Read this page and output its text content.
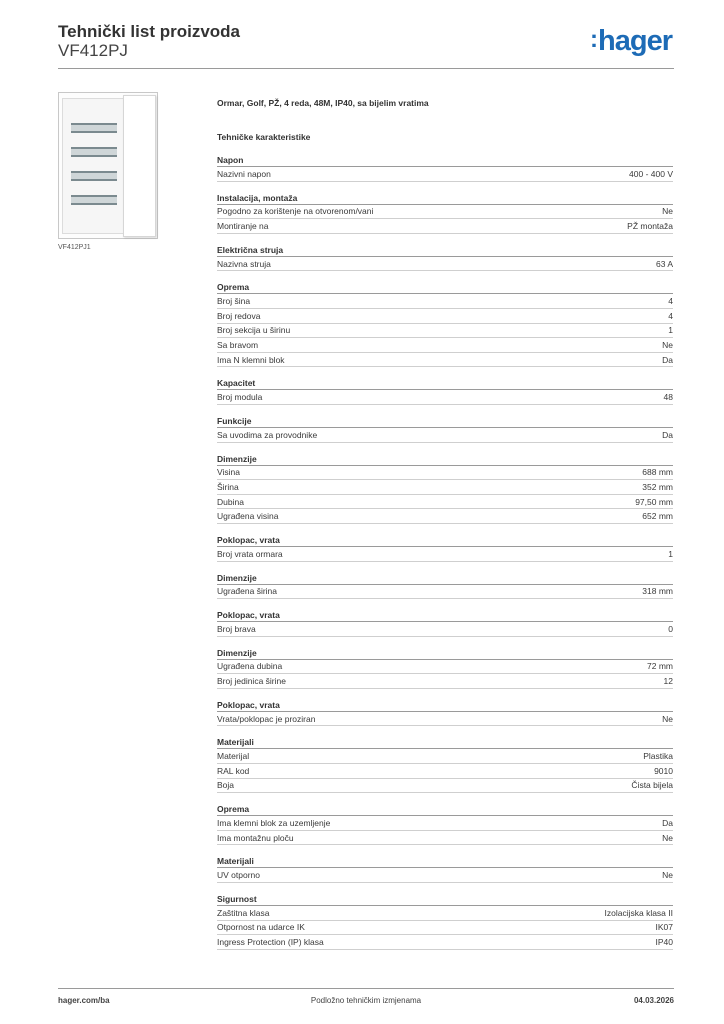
Tehnički list proizvoda
VF412PJ	:hager
VF412PJ1
Ormar, Golf, PŽ, 4 reda, 48M, IP40, sa bijelim vratima
Tehničke karakteristike
Napon
Nazivni napon	400 - 400 V
Instalacija, montaža
Pogodno za korištenje na otvorenom/vani	Ne
Montiranje na	PŽ montaža
Električna struja
Nazivna struja	63 A
Oprema
Broj šina	4
Broj redova	4
Broj sekcija u širinu	1
Sa bravom	Ne
Ima N klemni blok	Da
Kapacitet
Broj modula	48
Funkcije
Sa uvodima za provodnike	Da
Dimenzije
Visina	688 mm
Širina	352 mm
Dubina	97,50 mm
Ugrađena visina	652 mm
Poklopac, vrata
Broj vrata ormara	1
Dimenzije
Ugrađena širina	318 mm
Poklopac, vrata
Broj brava	0
Dimenzije
Ugrađena dubina	72 mm
Broj jedinica širine	12
Poklopac, vrata
Vrata/poklopac je proziran	Ne
Materijali
Materijal	Plastika
RAL kod	9010
Boja	Čista bijela
Oprema
Ima klemni blok za uzemljenje	Da
Ima montažnu ploču	Ne
Materijali
UV otporno	Ne
Sigurnost
Zaštitna klasa	Izolacijska klasa II
Otpornost na udarce IK	IK07
Ingress Protection (IP) klasa	IP40
hager.com/ba	Podložno tehničkim izmjenama	04.03.2026
